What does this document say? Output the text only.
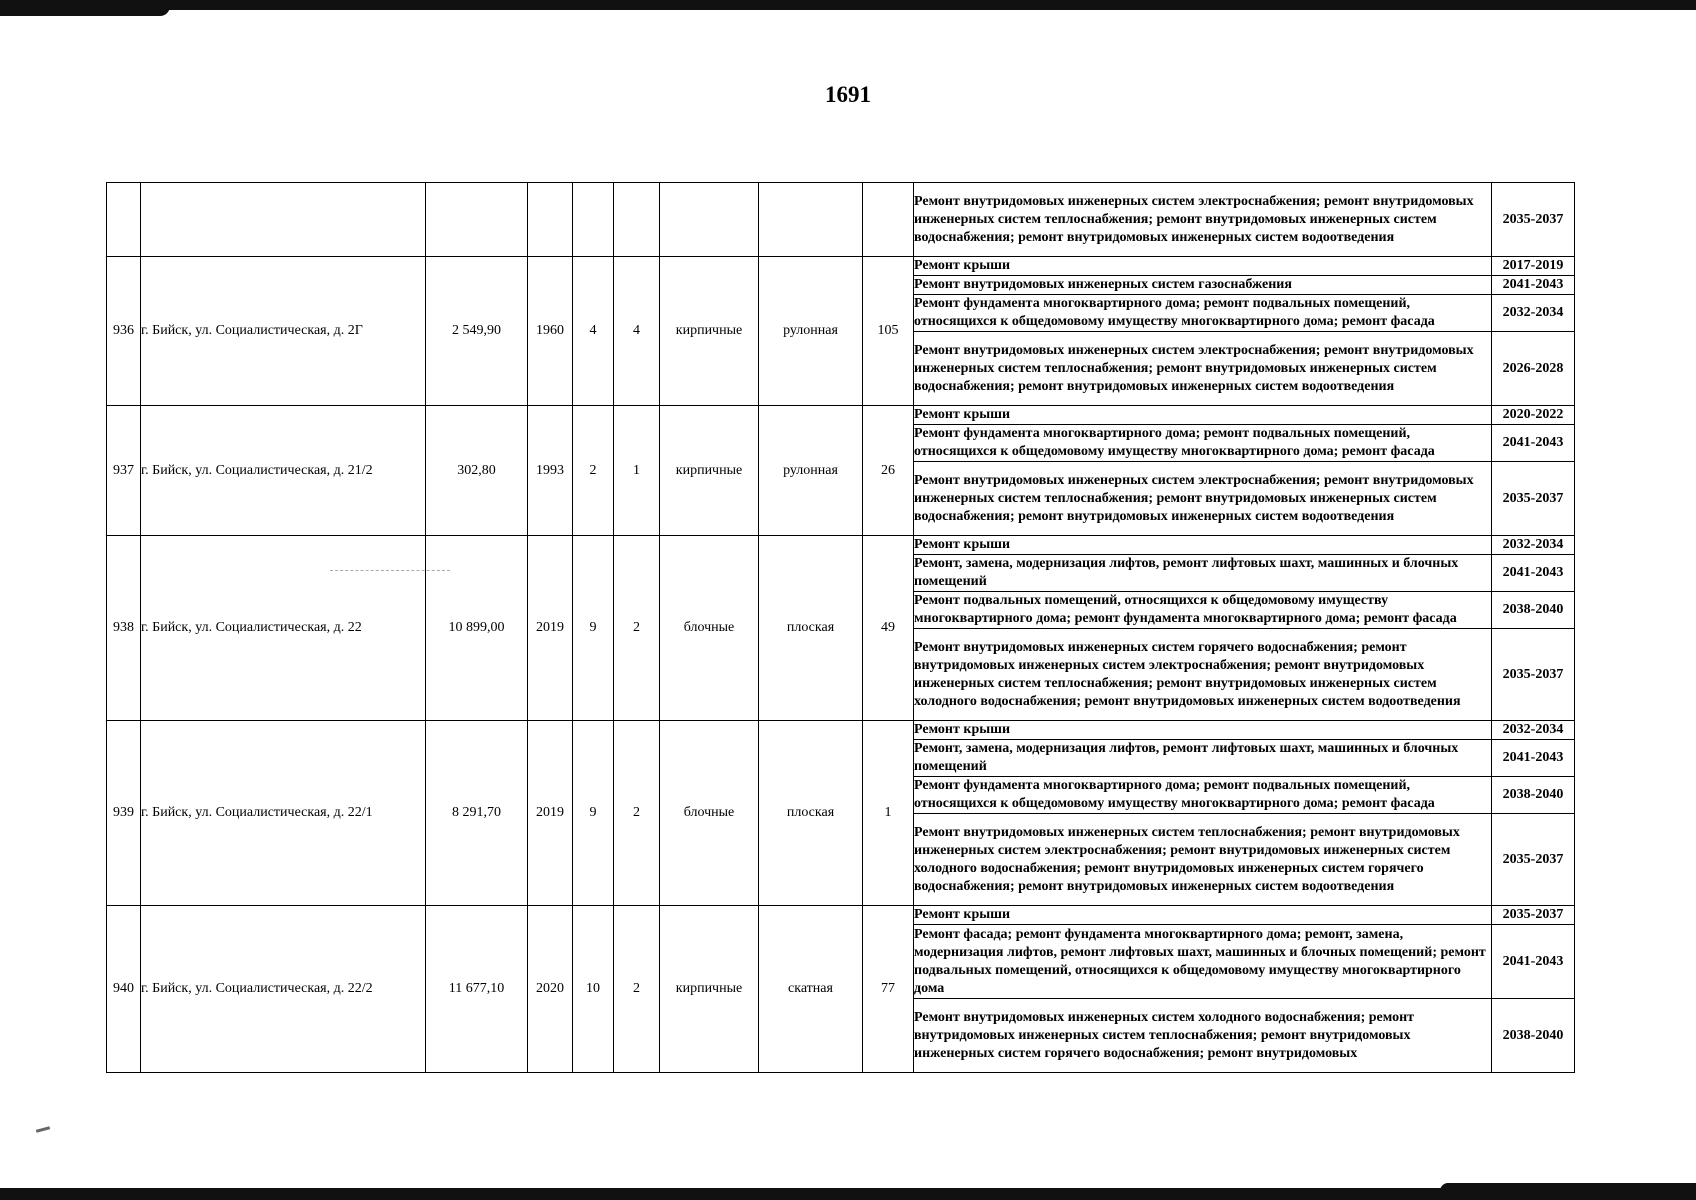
1691
									Ремонт внутридомовых инженерных систем электроснабжения; ремонт внутридомовых инженерных систем теплоснабжения; ремонт внутридомовых инженерных систем водоснабжения; ремонт внутридомовых инженерных систем водоотведения	2035-2037
936	г. Бийск, ул. Социалистическая, д. 2Г	2 549,90	1960	4	4	кирпичные	рулонная	105	Ремонт крыши	2017-2019
									Ремонт внутридомовых инженерных систем газоснабжения	2041-2043
									Ремонт фундамента многоквартирного дома; ремонт подвальных помещений, относящихся к общедомовому имуществу многоквартирного дома; ремонт фасада	2032-2034
									Ремонт внутридомовых инженерных систем электроснабжения; ремонт внутридомовых инженерных систем теплоснабжения; ремонт внутридомовых инженерных систем водоснабжения; ремонт внутридомовых инженерных систем водоотведения	2026-2028
937	г. Бийск, ул. Социалистическая, д. 21/2	302,80	1993	2	1	кирпичные	рулонная	26	Ремонт крыши	2020-2022
									Ремонт фундамента многоквартирного дома; ремонт подвальных помещений, относящихся к общедомовому имуществу многоквартирного дома; ремонт фасада	2041-2043
									Ремонт внутридомовых инженерных систем электроснабжения; ремонт внутридомовых инженерных систем теплоснабжения; ремонт внутридомовых инженерных систем водоснабжения; ремонт внутридомовых инженерных систем водоотведения	2035-2037
938	г. Бийск, ул. Социалистическая, д. 22	10 899,00	2019	9	2	блочные	плоская	49	Ремонт крыши	2032-2034
									Ремонт, замена, модернизация лифтов, ремонт лифтовых шахт, машинных и блочных помещений	2041-2043
									Ремонт подвальных помещений, относящихся к общедомовому имуществу многоквартирного дома; ремонт фундамента многоквартирного дома; ремонт фасада	2038-2040
									Ремонт внутридомовых инженерных систем горячего водоснабжения; ремонт внутридомовых инженерных систем электроснабжения; ремонт внутридомовых инженерных систем теплоснабжения; ремонт внутридомовых инженерных систем холодного водоснабжения; ремонт внутридомовых инженерных систем водоотведения	2035-2037
939	г. Бийск, ул. Социалистическая, д. 22/1	8 291,70	2019	9	2	блочные	плоская	1	Ремонт крыши	2032-2034
									Ремонт, замена, модернизация лифтов, ремонт лифтовых шахт, машинных и блочных помещений	2041-2043
									Ремонт фундамента многоквартирного дома; ремонт подвальных помещений, относящихся к общедомовому имуществу многоквартирного дома; ремонт фасада	2038-2040
									Ремонт внутридомовых инженерных систем теплоснабжения; ремонт внутридомовых инженерных систем электроснабжения; ремонт внутридомовых инженерных систем холодного водоснабжения; ремонт внутридомовых инженерных систем горячего водоснабжения; ремонт внутридомовых инженерных систем водоотведения	2035-2037
940	г. Бийск, ул. Социалистическая, д. 22/2	11 677,10	2020	10	2	кирпичные	скатная	77	Ремонт крыши	2035-2037
									Ремонт фасада; ремонт фундамента многоквартирного дома; ремонт, замена, модернизация лифтов, ремонт лифтовых шахт, машинных и блочных помещений; ремонт подвальных помещений, относящихся к общедомовому имуществу многоквартирного дома	2041-2043
									Ремонт внутридомовых инженерных систем холодного водоснабжения; ремонт внутридомовых инженерных систем теплоснабжения; ремонт внутридомовых инженерных систем горячего водоснабжения; ремонт внутридомовых	2038-2040
